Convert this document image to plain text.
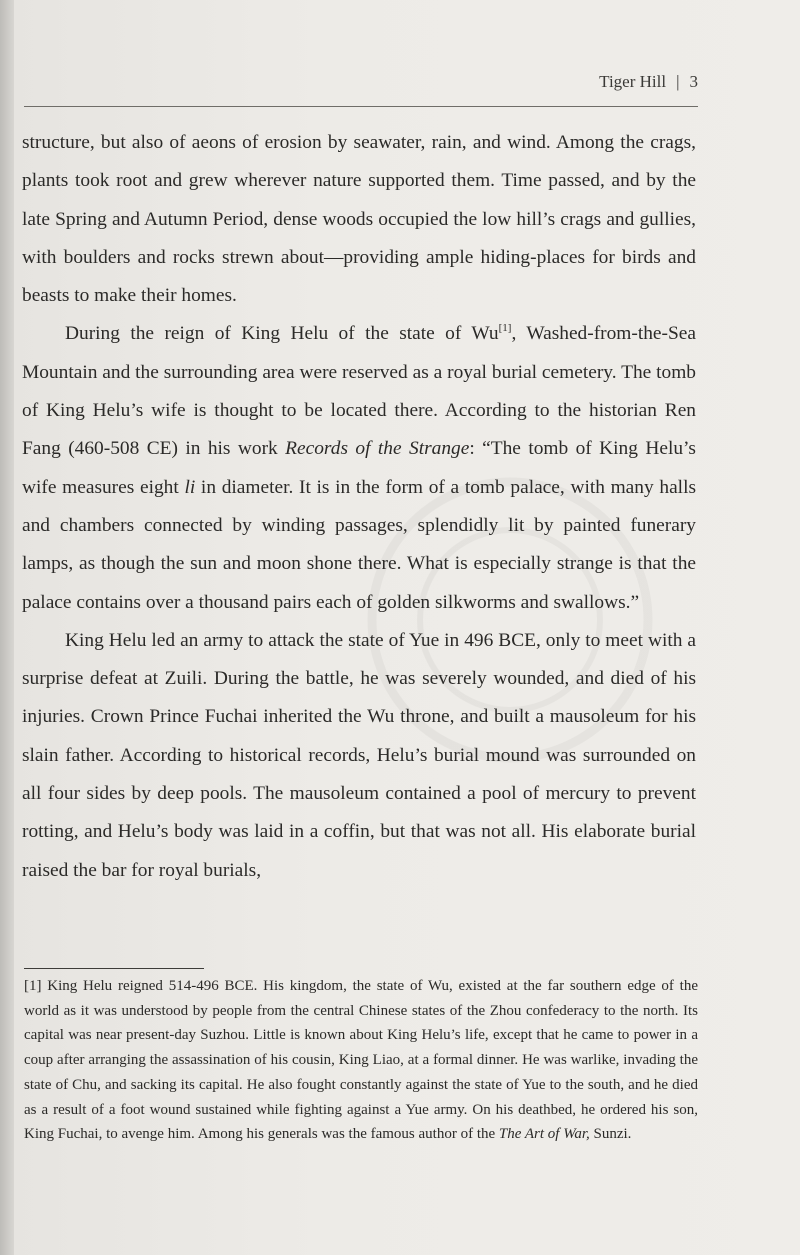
Tiger Hill | 3

structure, but also of aeons of erosion by seawater, rain, and wind. Among the crags, plants took root and grew wherever nature supported them. Time passed, and by the late Spring and Autumn Period, dense woods occupied the low hill’s crags and gullies, with boulders and rocks strewn about—providing ample hiding-places for birds and beasts to make their homes.

During the reign of King Helu of the state of Wu[1], Washed-from-the-Sea Mountain and the surrounding area were reserved as a royal burial cemetery. The tomb of King Helu’s wife is thought to be located there. According to the historian Ren Fang (460-508 CE) in his work Records of the Strange: “The tomb of King Helu’s wife measures eight li in diameter. It is in the form of a tomb palace, with many halls and chambers connected by winding passages, splendidly lit by painted funerary lamps, as though the sun and moon shone there. What is especially strange is that the palace contains over a thousand pairs each of golden silkworms and swallows.”

King Helu led an army to attack the state of Yue in 496 BCE, only to meet with a surprise defeat at Zuili. During the battle, he was severely wounded, and died of his injuries. Crown Prince Fuchai inherited the Wu throne, and built a mausoleum for his slain father. According to historical records, Helu’s burial mound was surrounded on all four sides by deep pools. The mausoleum contained a pool of mercury to prevent rotting, and Helu’s body was laid in a coffin, but that was not all. His elaborate burial raised the bar for royal burials,

[1] King Helu reigned 514-496 BCE. His kingdom, the state of Wu, existed at the far southern edge of the world as it was understood by people from the central Chinese states of the Zhou confederacy to the north. Its capital was near present-day Suzhou. Little is known about King Helu’s life, except that he came to power in a coup after arranging the assassination of his cousin, King Liao, at a formal dinner. He was warlike, invading the state of Chu, and sacking its capital. He also fought constantly against the state of Yue to the south, and he died as a result of a foot wound sustained while fighting against a Yue army. On his deathbed, he ordered his son, King Fuchai, to avenge him. Among his generals was the famous author of the The Art of War, Sunzi.
